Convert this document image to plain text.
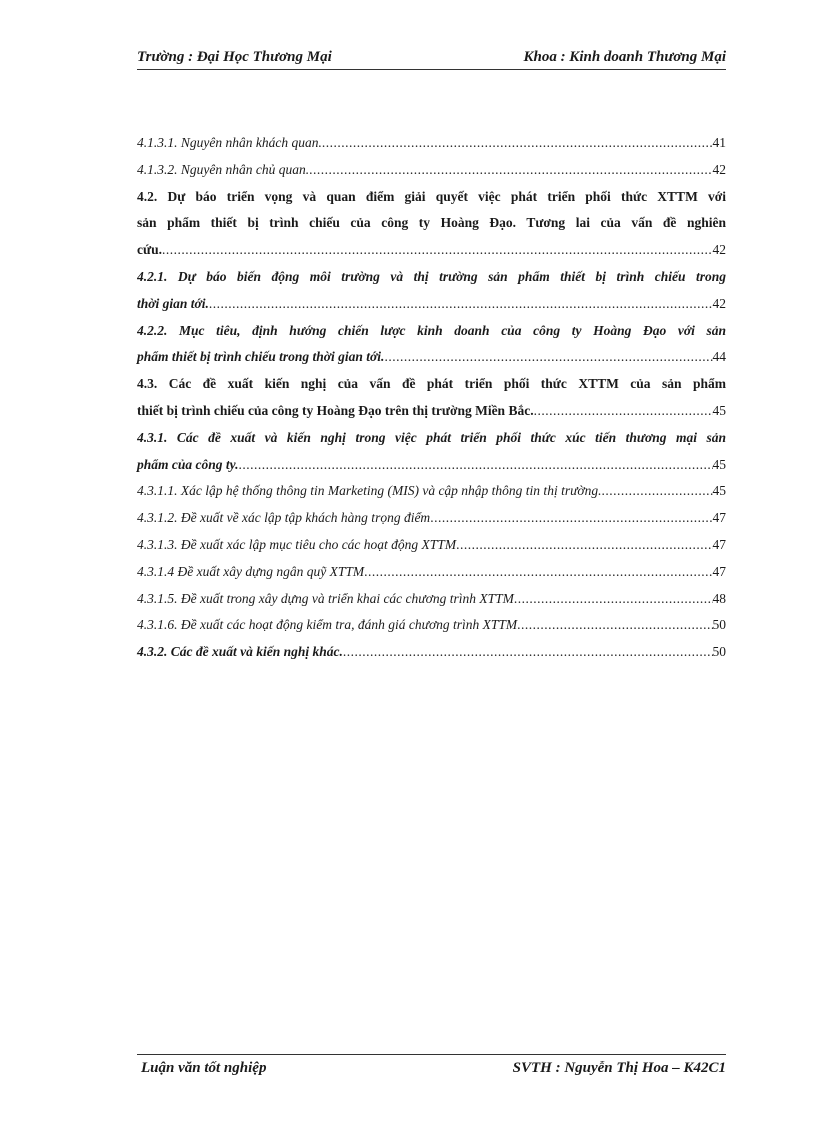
Trường : Đại Học Thương Mại	Khoa : Kinh doanh Thương Mại
4.1.3.1. Nguyên nhân khách quan. .....	41
4.1.3.2. Nguyên nhân chủ quan. .....	42
4.2. Dự báo triển vọng và quan điểm giải quyết việc phát triển phối thức XTTM với
sản phẩm thiết bị trình chiếu của công ty Hoàng Đạo. Tương lai của vấn đề nghiên
cứu. .....	42
4.2.1. Dự báo biến động môi trường và thị trường sản phẩm thiết bị trình chiếu trong
thời gian tới. .....	42
4.2.2. Mục tiêu, định hướng chiến lược kinh doanh của công ty Hoàng Đạo với sản
phẩm thiết bị trình chiếu trong thời gian tới. .....	44
4.3. Các đề xuất kiến nghị của vấn đề phát triển phối thức XTTM của sản phẩm
thiết bị trình chiếu của công ty Hoàng Đạo trên thị trường Miền Bắc. .....	45
4.3.1. Các đề xuất và kiến nghị trong việc phát triển phối thức xúc tiến thương mại sản
phẩm của công ty. .....	45
4.3.1.1. Xác lập hệ thống thông tin Marketing (MIS) và cập nhập thông tin thị trường. .....	45
4.3.1.2. Đề xuất về xác lập tập khách hàng trọng điểm .....	47
4.3.1.3. Đề xuất xác lập mục tiêu cho các hoạt động XTTM .....	47
4.3.1.4 Đề xuất xây dựng ngân quỹ XTTM .....	47
4.3.1.5. Đề xuất trong xây dựng và triển khai các chương trình XTTM .....	48
4.3.1.6. Đề xuất các hoạt động kiểm tra, đánh giá chương trình XTTM .....	50
4.3.2. Các đề xuất và kiến nghị khác. .....	50
Luận văn tốt nghiệp	SVTH : Nguyễn Thị Hoa – K42C1
